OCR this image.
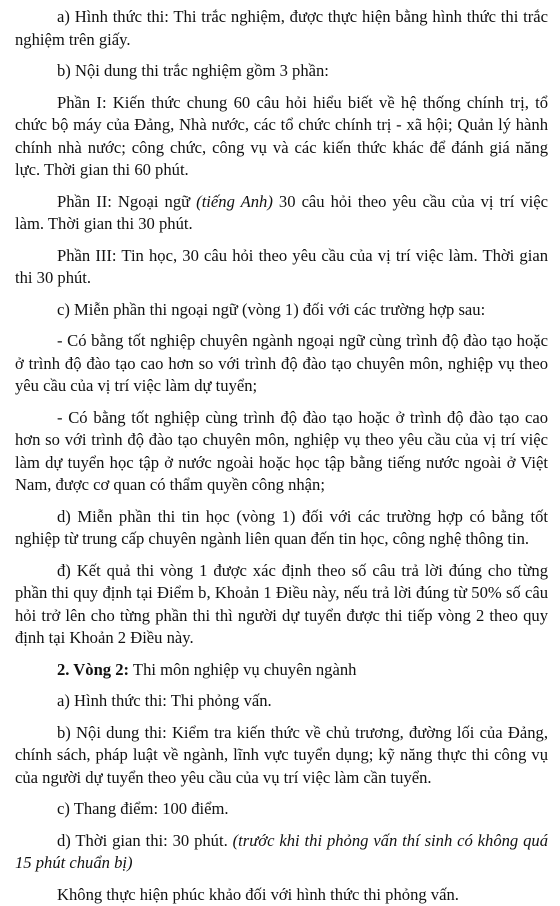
a) Hình thức thi: Thi trắc nghiệm, được thực hiện bằng hình thức thi trắc nghiệm trên giấy.

b) Nội dung thi trắc nghiệm gồm 3 phần:

Phần I: Kiến thức chung 60 câu hỏi hiểu biết về hệ thống chính trị, tổ chức bộ máy của Đảng, Nhà nước, các tổ chức chính trị - xã hội; Quản lý hành chính nhà nước; công chức, công vụ và các kiến thức khác để đánh giá năng lực. Thời gian thi 60 phút.

Phần II: Ngoại ngữ (tiếng Anh) 30 câu hỏi theo yêu cầu của vị trí việc làm. Thời gian thi 30 phút.

Phần III: Tin học, 30 câu hỏi theo yêu cầu của vị trí việc làm. Thời gian thi 30 phút.

c) Miễn phần thi ngoại ngữ (vòng 1) đối với các trường hợp sau:

- Có bằng tốt nghiệp chuyên ngành ngoại ngữ cùng trình độ đào tạo hoặc ở trình độ đào tạo cao hơn so với trình độ đào tạo chuyên môn, nghiệp vụ theo yêu cầu của vị trí việc làm dự tuyển;

- Có bằng tốt nghiệp cùng trình độ đào tạo hoặc ở trình độ đào tạo cao hơn so với trình độ đào tạo chuyên môn, nghiệp vụ theo yêu cầu của vị trí việc làm dự tuyển học tập ở nước ngoài hoặc học tập bằng tiếng nước ngoài ở Việt Nam, được cơ quan có thẩm quyền công nhận;

d) Miễn phần thi tin học (vòng 1) đối với các trường hợp có bằng tốt nghiệp từ trung cấp chuyên ngành liên quan đến tin học, công nghệ thông tin.

đ) Kết quả thi vòng 1 được xác định theo số câu trả lời đúng cho từng phần thi quy định tại Điểm b, Khoản 1 Điều này, nếu trả lời đúng từ 50% số câu hỏi trở lên cho từng phần thi thì người dự tuyển được thi tiếp vòng 2 theo quy định tại Khoản 2 Điều này.

2. Vòng 2: Thi môn nghiệp vụ chuyên ngành

a) Hình thức thi: Thi phỏng vấn.

b) Nội dung thi: Kiểm tra kiến thức về chủ trương, đường lối của Đảng, chính sách, pháp luật về ngành, lĩnh vực tuyển dụng; kỹ năng thực thi công vụ của người dự tuyển theo yêu cầu của vụ trí việc làm cần tuyển.

c) Thang điểm: 100 điểm.

d) Thời gian thi: 30 phút. (trước khi thi phỏng vấn thí sinh có không quá 15 phút chuẩn bị)

Không thực hiện phúc khảo đối với hình thức thi phỏng vấn.
